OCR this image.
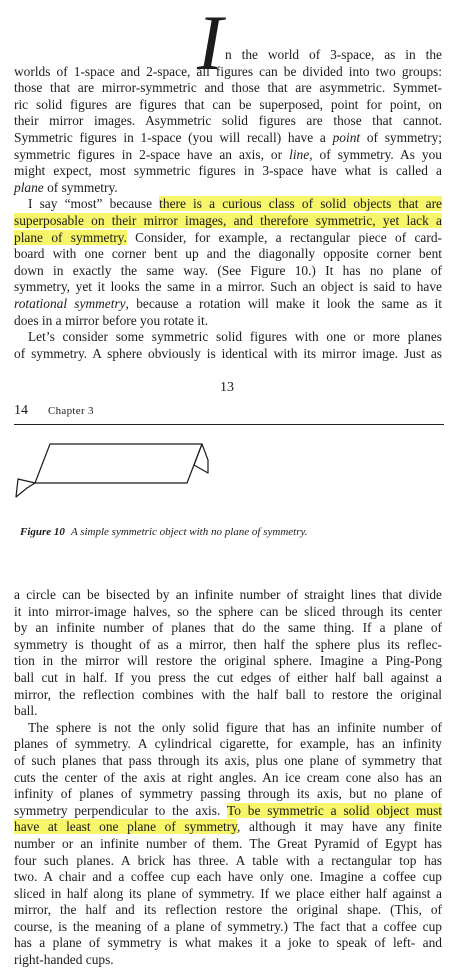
I n the world of 3-space, as in the
worlds of 1-space and 2-space, all figures can be divided into two groups:
those that are mirror-symmetric and those that are asymmetric. Symmet-
ric solid figures are figures that can be superposed, point for point, on
their mirror images. Asymmetric solid figures are those that cannot.
Symmetric figures in 1-space (you will recall) have a point of symmetry;
symmetric figures in 2-space have an axis, or line, of symmetry. As you
might expect, most symmetric figures in 3-space have what is called a
plane of symmetry.
I say “most” because there is a curious class of solid objects that are
superposable on their mirror images, and therefore symmetric, yet lack a
plane of symmetry. Consider, for example, a rectangular piece of card-
board with one corner bent up and the diagonally opposite corner bent
down in exactly the same way. (See Figure 10.) It has no plane of
symmetry, yet it looks the same in a mirror. Such an object is said to have
rotational symmetry, because a rotation will make it look the same as it
does in a mirror before you rotate it.
Let’s consider some symmetric solid figures with one or more planes
of symmetry. A sphere obviously is identical with its mirror image. Just as
13
14 Chapter 3
Figure 10 A simple symmetric object with no plane of symmetry.
a circle can be bisected by an infinite number of straight lines that divide
it into mirror-image halves, so the sphere can be sliced through its center
by an infinite number of planes that do the same thing. If a plane of
symmetry is thought of as a mirror, then half the sphere plus its reflec-
tion in the mirror will restore the original sphere. Imagine a Ping-Pong
ball cut in half. If you press the cut edges of either half ball against a
mirror, the reflection combines with the half ball to restore the original
ball.
The sphere is not the only solid figure that has an infinite number of
planes of symmetry. A cylindrical cigarette, for example, has an infinity
of such planes that pass through its axis, plus one plane of symmetry that
cuts the center of the axis at right angles. An ice cream cone also has an
infinity of planes of symmetry passing through its axis, but no plane of
symmetry perpendicular to the axis. To be symmetric a solid object must
have at least one plane of symmetry, although it may have any finite
number or an infinite number of them. The Great Pyramid of Egypt has
four such planes. A brick has three. A table with a rectangular top has
two. A chair and a coffee cup each have only one. Imagine a coffee cup
sliced in half along its plane of symmetry. If we place either half against a
mirror, the half and its reflection restore the original shape. (This, of
course, is the meaning of a plane of symmetry.) The fact that a coffee cup
has a plane of symmetry is what makes it a joke to speak of left- and
right-handed cups.
